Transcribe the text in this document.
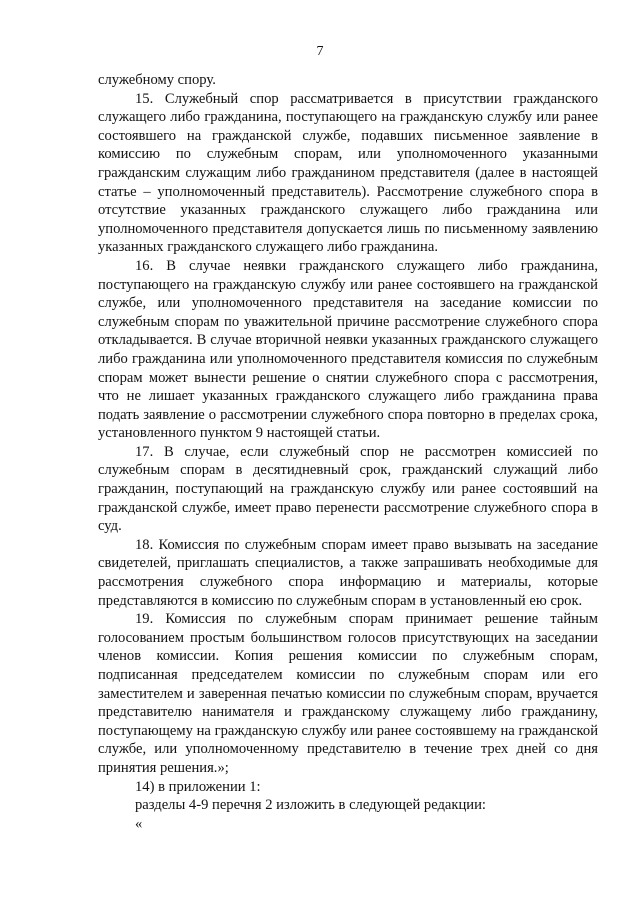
7

служебному спору.

15. Служебный спор рассматривается в присутствии гражданского служащего либо гражданина, поступающего на гражданскую службу или ранее состоявшего на гражданской службе, подавших письменное заявление в комиссию по служебным спорам, или уполномоченного указанными гражданским служащим либо гражданином представителя (далее в настоящей статье – уполномоченный представитель). Рассмотрение служебного спора в отсутствие указанных гражданского служащего либо гражданина или уполномоченного представителя допускается лишь по письменному заявлению указанных гражданского служащего либо гражданина.

16. В случае неявки гражданского служащего либо гражданина, поступающего на гражданскую службу или ранее состоявшего на гражданской службе, или уполномоченного представителя на заседание комиссии по служебным спорам по уважительной причине рассмотрение служебного спора откладывается. В случае вторичной неявки указанных гражданского служащего либо гражданина или уполномоченного представителя комиссия по служебным спорам может вынести решение о снятии служебного спора с рассмотрения, что не лишает указанных гражданского служащего либо гражданина права подать заявление о рассмотрении служебного спора повторно в пределах срока, установленного пунктом 9 настоящей статьи.

17. В случае, если служебный спор не рассмотрен комиссией по служебным спорам в десятидневный срок, гражданский служащий либо гражданин, поступающий на гражданскую службу или ранее состоявший на гражданской службе, имеет право перенести рассмотрение служебного спора в суд.

18. Комиссия по служебным спорам имеет право вызывать на заседание свидетелей, приглашать специалистов, а также запрашивать необходимые для рассмотрения служебного спора информацию и материалы, которые представляются в комиссию по служебным спорам в установленный ею срок.

19. Комиссия по служебным спорам принимает решение тайным голосованием простым большинством голосов присутствующих на заседании членов комиссии. Копия решения комиссии по служебным спорам, подписанная председателем комиссии по служебным спорам или его заместителем и заверенная печатью комиссии по служебным спорам, вручается представителю нанимателя и гражданскому служащему либо гражданину, поступающему на гражданскую службу или ранее состоявшему на гражданской службе, или уполномоченному представителю в течение трех дней со дня принятия решения.»;

14) в приложении 1:

разделы 4-9 перечня 2 изложить в следующей редакции:

«
